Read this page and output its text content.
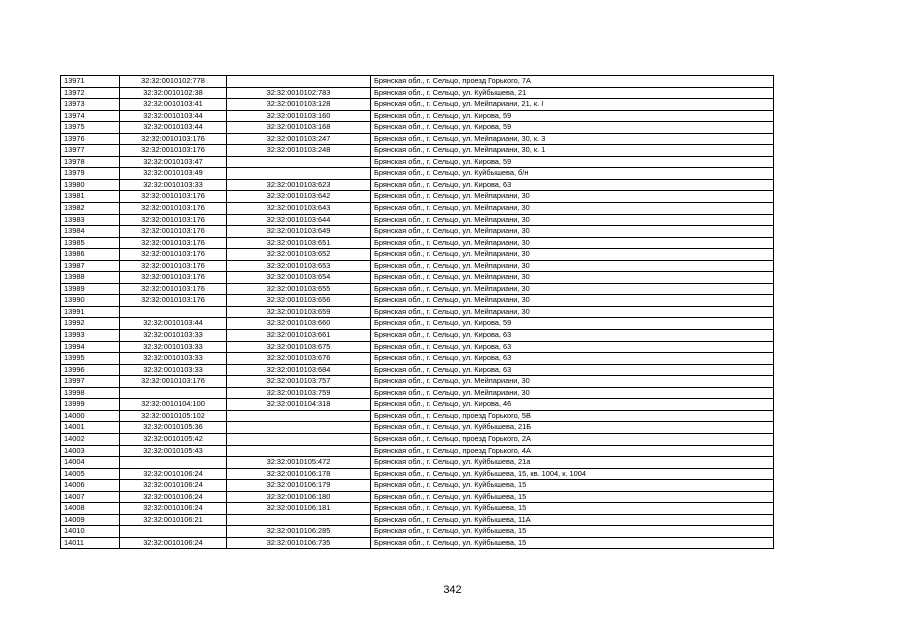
13971	32:32:0010102:778		Брянская обл., г. Сельцо, проезд Горького, 7А
13972	32:32:0010102:38	32:32:0010102:783	Брянская обл., г. Сельцо, ул. Куйбышева, 21
13973	32:32:0010103:41	32:32:0010103:128	Брянская обл., г. Сельцо, ул. Мейпариани, 21, к. I
13974	32:32:0010103:44	32:32:0010103:160	Брянская обл., г. Сельцо, ул. Кирова, 59
13975	32:32:0010103:44	32:32:0010103:168	Брянская обл., г. Сельцо, ул. Кирова, 59
13976	32:32:0010103:176	32:32:0010103:247	Брянская обл., г. Сельцо, ул. Мейпариани, 30, к. 3
13977	32:32:0010103:176	32:32:0010103:248	Брянская обл., г. Сельцо, ул. Мейпариани, 30, к. 1
13978	32:32:0010103:47		Брянская обл., г. Сельцо, ул. Кирова, 59
13979	32:32:0010103:49		Брянская обл., г. Сельцо, ул. Куйбышева, б/н
13980	32:32:0010103:33	32:32:0010103:623	Брянская обл., г. Сельцо, ул. Кирова, 63
13981	32:32:0010103:176	32:32:0010103:642	Брянская обл., г. Сельцо, ул. Мейпариани, 30
13982	32:32:0010103:176	32:32:0010103:643	Брянская обл., г. Сельцо, ул. Мейпариани, 30
13983	32:32:0010103:176	32:32:0010103:644	Брянская обл., г. Сельцо, ул. Мейпариани, 30
13984	32:32:0010103:176	32:32:0010103:649	Брянская обл., г. Сельцо, ул. Мейпариани, 30
13985	32:32:0010103:176	32:32:0010103:651	Брянская обл., г. Сельцо, ул. Мейпариани, 30
13986	32:32:0010103:176	32:32:0010103:652	Брянская обл., г. Сельцо, ул. Мейпариани, 30
13987	32:32:0010103:176	32:32:0010103:653	Брянская обл., г. Сельцо, ул. Мейпариани, 30
13988	32:32:0010103:176	32:32:0010103:654	Брянская обл., г. Сельцо, ул. Мейпариани, 30
13989	32:32:0010103:176	32:32:0010103:655	Брянская обл., г. Сельцо, ул. Мейпариани, 30
13990	32:32:0010103:176	32:32:0010103:656	Брянская обл., г. Сельцо, ул. Мейпариани, 30
13991		32:32:0010103:659	Брянская обл., г. Сельцо, ул. Мейпариани, 30
13992	32:32:0010103:44	32:32:0010103:660	Брянская обл., г. Сельцо, ул. Кирова, 59
13993	32:32:0010103:33	32:32:0010103:661	Брянская обл., г. Сельцо, ул. Кирова, 63
13994	32:32:0010103:33	32:32:0010103:675	Брянская обл., г. Сельцо, ул. Кирова, 63
13995	32:32:0010103:33	32:32:0010103:676	Брянская обл., г. Сельцо, ул. Кирова, 63
13996	32:32:0010103:33	32:32:0010103:684	Брянская обл., г. Сельцо, ул. Кирова, 63
13997	32:32:0010103:176	32:32:0010103:757	Брянская обл., г. Сельцо, ул. Мейпариани, 30
13998		32:32:0010103:759	Брянская обл., г. Сельцо, ул. Мейпариани, 30
13999	32:32:0010104:100	32:32:0010104:318	Брянская обл., г. Сельцо, ул. Кирова, 46
14000	32:32:0010105:102		Брянская обл., г. Сельцо, проезд Горького, 5В
14001	32:32:0010105:36		Брянская обл., г. Сельцо, ул. Куйбышева, 21Б
14002	32:32:0010105:42		Брянская обл., г. Сельцо, проезд Горького, 2А
14003	32:32:0010105:43		Брянская обл., г. Сельцо, проезд Горького, 4А
14004		32:32:0010105:472	Брянская обл., г. Сельцо, ул. Куйбышева, 21а
14005	32:32:0010106:24	32:32:0010106:178	Брянская обл., г. Сельцо, ул. Куйбышева, 15, кв. 1004, к. 1004
14006	32:32:0010106:24	32:32:0010106:179	Брянская обл., г. Сельцо, ул. Куйбышева, 15
14007	32:32:0010106:24	32:32:0010106:180	Брянская обл., г. Сельцо, ул. Куйбышева, 15
14008	32:32:0010106:24	32:32:0010106:181	Брянская обл., г. Сельцо, ул. Куйбышева, 15
14009	32:32:0010106:21		Брянская обл., г. Сельцо, ул. Куйбышева, 11А
14010		32:32:0010106:285	Брянская обл., г. Сельцо, ул. Куйбышева, 15
14011	32:32:0010106:24	32:32:0010106:735	Брянская обл., г. Сельцо, ул. Куйбышева, 15
342
